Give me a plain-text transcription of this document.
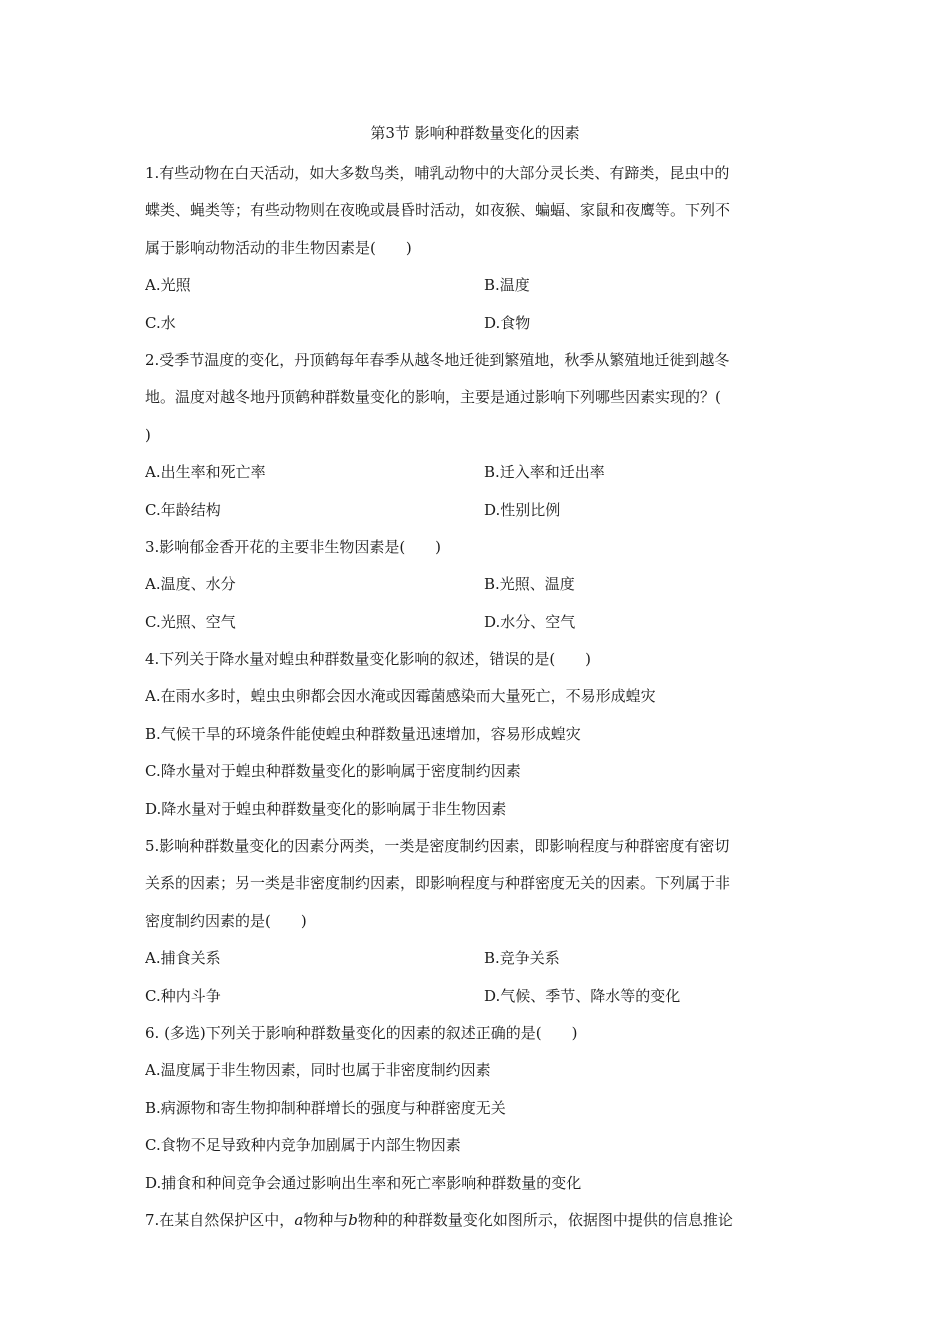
第3节 影响种群数量变化的因素
1.有些动物在白天活动，如大多数鸟类，哺乳动物中的大部分灵长类、有蹄类，昆虫中的
蝶类、蝇类等；有些动物则在夜晚或晨昏时活动，如夜猴、蝙蝠、家鼠和夜鹰等。下列不
属于影响动物活动的非生物因素是(　　)
A.光照	B.温度
C.水	D.食物
2.受季节温度的变化，丹顶鹤每年春季从越冬地迁徙到繁殖地，秋季从繁殖地迁徙到越冬
地。温度对越冬地丹顶鹤种群数量变化的影响，主要是通过影响下列哪些因素实现的？(
)
A.出生率和死亡率	B.迁入率和迁出率
C.年龄结构	D.性别比例
3.影响郁金香开花的主要非生物因素是(　　)
A.温度、水分	B.光照、温度
C.光照、空气	D.水分、空气
4.下列关于降水量对蝗虫种群数量变化影响的叙述，错误的是(　　)
A.在雨水多时，蝗虫虫卵都会因水淹或因霉菌感染而大量死亡，不易形成蝗灾
B.气候干旱的环境条件能使蝗虫种群数量迅速增加，容易形成蝗灾
C.降水量对于蝗虫种群数量变化的影响属于密度制约因素
D.降水量对于蝗虫种群数量变化的影响属于非生物因素
5.影响种群数量变化的因素分两类，一类是密度制约因素，即影响程度与种群密度有密切
关系的因素；另一类是非密度制约因素，即影响程度与种群密度无关的因素。下列属于非
密度制约因素的是(　　)
A.捕食关系	B.竞争关系
C.种内斗争	D.气候、季节、降水等的变化
6. (多选)下列关于影响种群数量变化的因素的叙述正确的是(　　)
A.温度属于非生物因素，同时也属于非密度制约因素
B.病源物和寄生物抑制种群增长的强度与种群密度无关
C.食物不足导致种内竞争加剧属于内部生物因素
D.捕食和种间竞争会通过影响出生率和死亡率影响种群数量的变化
7.在某自然保护区中，a物种与b物种的种群数量变化如图所示，依据图中提供的信息推论
